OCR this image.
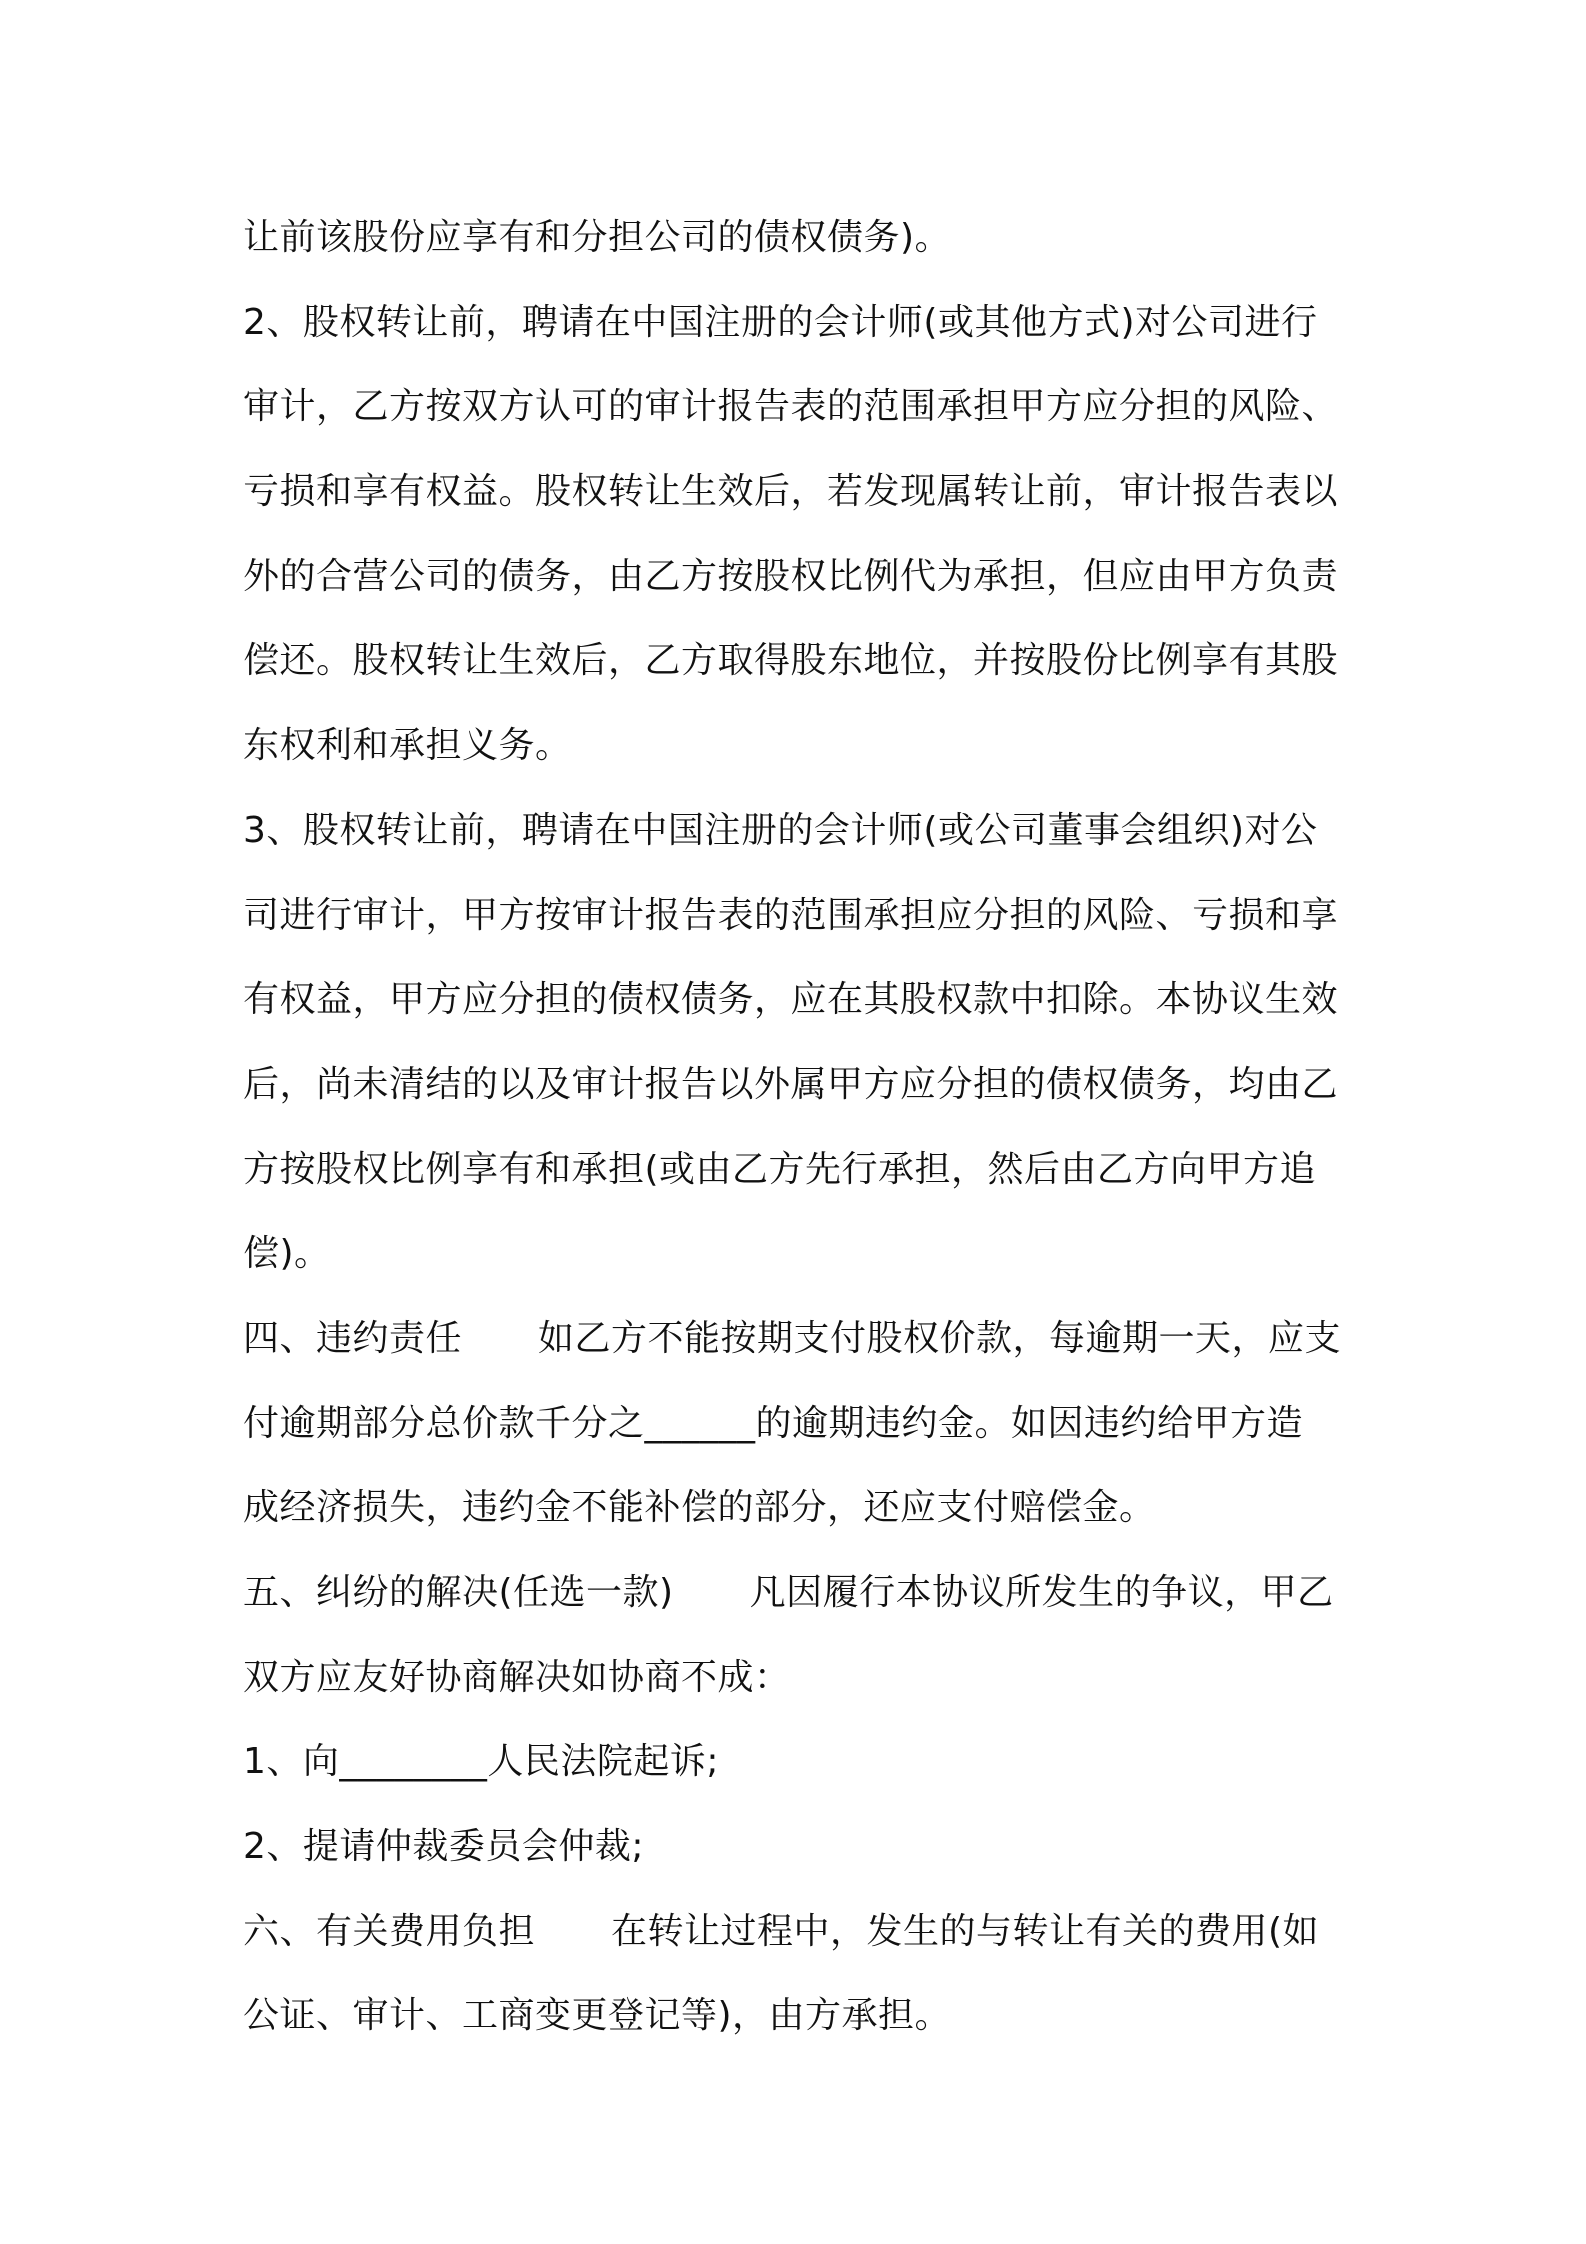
让前该股份应享有和分担公司的债权债务)。
2、股权转让前，聘请在中国注册的会计师(或其他方式)对公司进行
审计，乙方按双方认可的审计报告表的范围承担甲方应分担的风险、
亏损和享有权益。股权转让生效后，若发现属转让前，审计报告表以
外的合营公司的债务，由乙方按股权比例代为承担，但应由甲方负责
偿还。股权转让生效后，乙方取得股东地位，并按股份比例享有其股
东权利和承担义务。
3、股权转让前，聘请在中国注册的会计师(或公司董事会组织)对公
司进行审计，甲方按审计报告表的范围承担应分担的风险、亏损和享
有权益，甲方应分担的债权债务，应在其股权款中扣除。本协议生效
后，尚未清结的以及审计报告以外属甲方应分担的债权债务，均由乙
方按股权比例享有和承担(或由乙方先行承担，然后由乙方向甲方追
偿)。
四、违约责任 如乙方不能按期支付股权价款，每逾期一天，应支
付逾期部分总价款千分之______的逾期违约金。如因违约给甲方造
成经济损失，违约金不能补偿的部分，还应支付赔偿金。
五、纠纷的解决(任选一款) 凡因履行本协议所发生的争议，甲乙
双方应友好协商解决如协商不成：
1、向________人民法院起诉;
2、提请仲裁委员会仲裁;
六、有关费用负担 在转让过程中，发生的与转让有关的费用(如
公证、审计、工商变更登记等)，由方承担。
